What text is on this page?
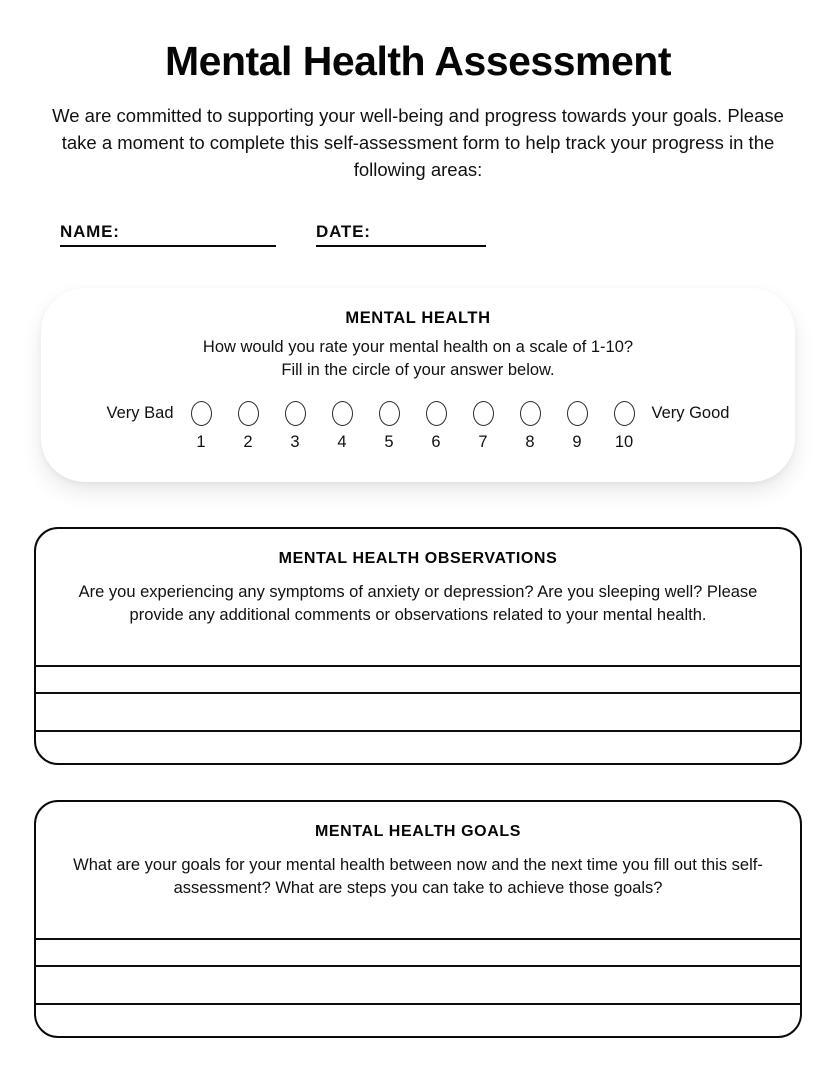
Mental Health Assessment

We are committed to supporting your well-being and progress towards your goals. Please take a moment to complete this self-assessment form to help track your progress in the following areas:

NAME:	DATE:
MENTAL HEALTH
How would you rate your mental health on a scale of 1-10?
Fill in the circle of your answer below.
Very Bad
1	2	3	4	5	6	7	8	9	10
Very Good
MENTAL HEALTH OBSERVATIONS

Are you experiencing any symptoms of anxiety or depression? Are you sleeping well? Please provide any additional comments or observations related to your mental health.

MENTAL HEALTH GOALS

What are your goals for your mental health between now and the next time you fill out this self-assessment? What are steps you can take to achieve those goals?
